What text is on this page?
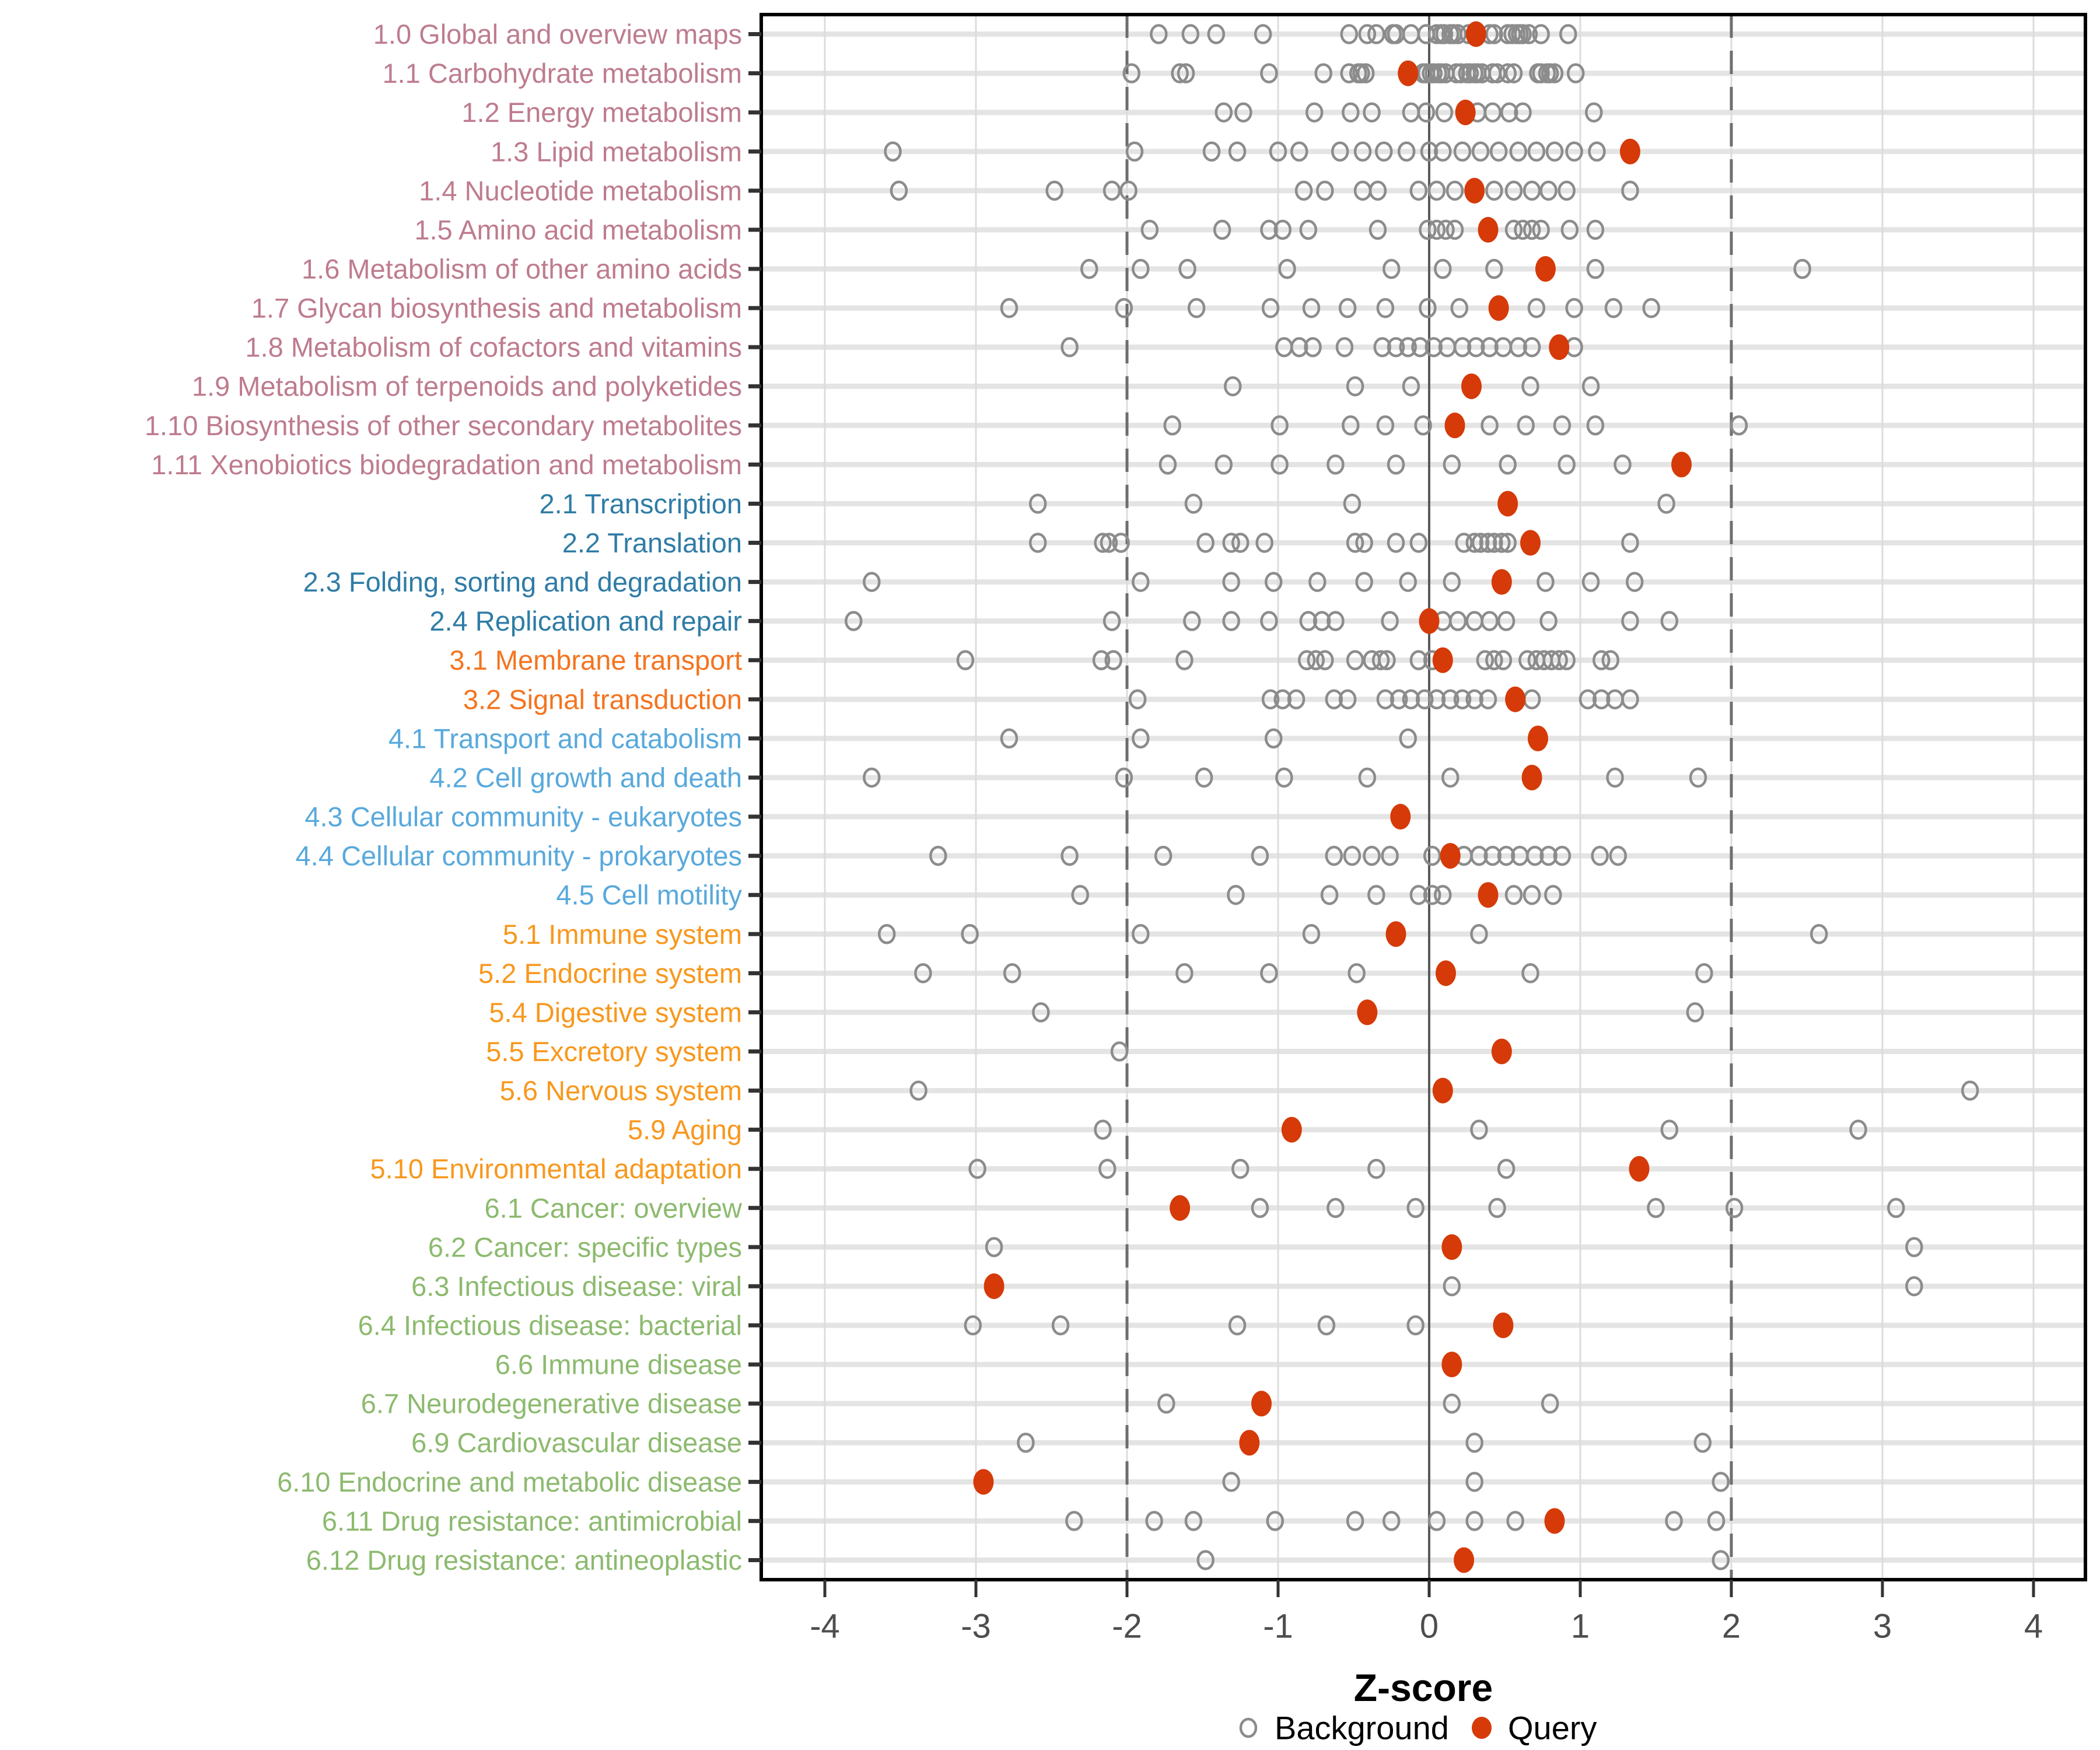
1.0 Global and overview maps
1.1 Carbohydrate metabolism
1.2 Energy metabolism
1.3 Lipid metabolism
1.4 Nucleotide metabolism
1.5 Amino acid metabolism
1.6 Metabolism of other amino acids
1.7 Glycan biosynthesis and metabolism
1.8 Metabolism of cofactors and vitamins
1.9 Metabolism of terpenoids and polyketides
1.10 Biosynthesis of other secondary metabolites
1.11 Xenobiotics biodegradation and metabolism
2.1 Transcription
2.2 Translation
2.3 Folding, sorting and degradation
2.4 Replication and repair
3.1 Membrane transport
3.2 Signal transduction
4.1 Transport and catabolism
4.2 Cell growth and death
4.3 Cellular community - eukaryotes
4.4 Cellular community - prokaryotes
4.5 Cell motility
5.1 Immune system
5.2 Endocrine system
5.4 Digestive system
5.5 Excretory system
5.6 Nervous system
5.9 Aging
5.10 Environmental adaptation
6.1 Cancer: overview
6.2 Cancer: specific types
6.3 Infectious disease: viral
6.4 Infectious disease: bacterial
6.6 Immune disease
6.7 Neurodegenerative disease
6.9 Cardiovascular disease
6.10 Endocrine and metabolic disease
6.11 Drug resistance: antimicrobial
6.12 Drug resistance: antineoplastic
-4	-3	-2	-1	0	1	2	3	4
Z-score
Background Query
